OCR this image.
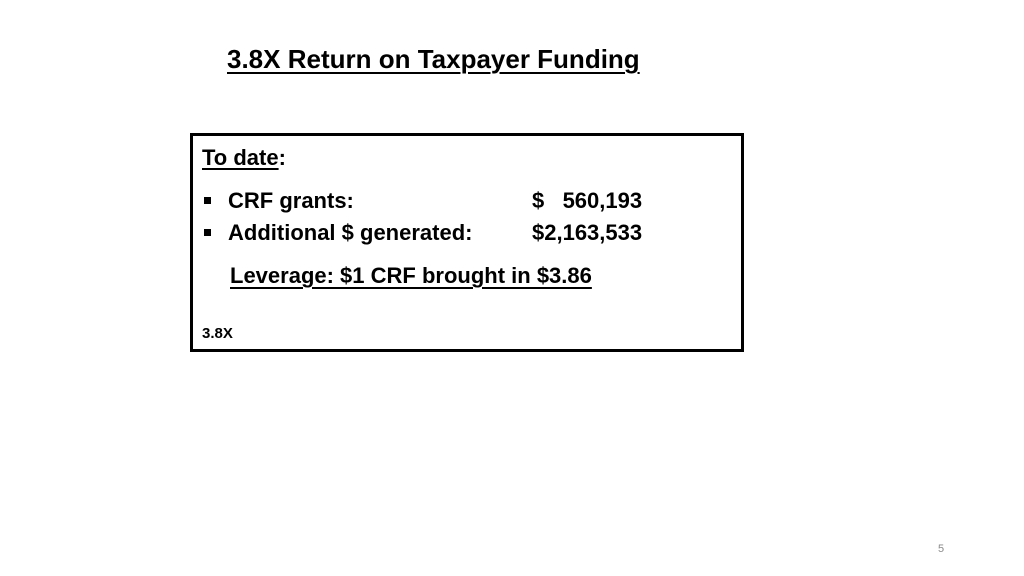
3.8X Return on Taxpayer Funding
To date:
CRF grants:	$   560,193
Additional $ generated:	$2,163,533
Leverage: $1 CRF brought in $3.86
3.8X
5
